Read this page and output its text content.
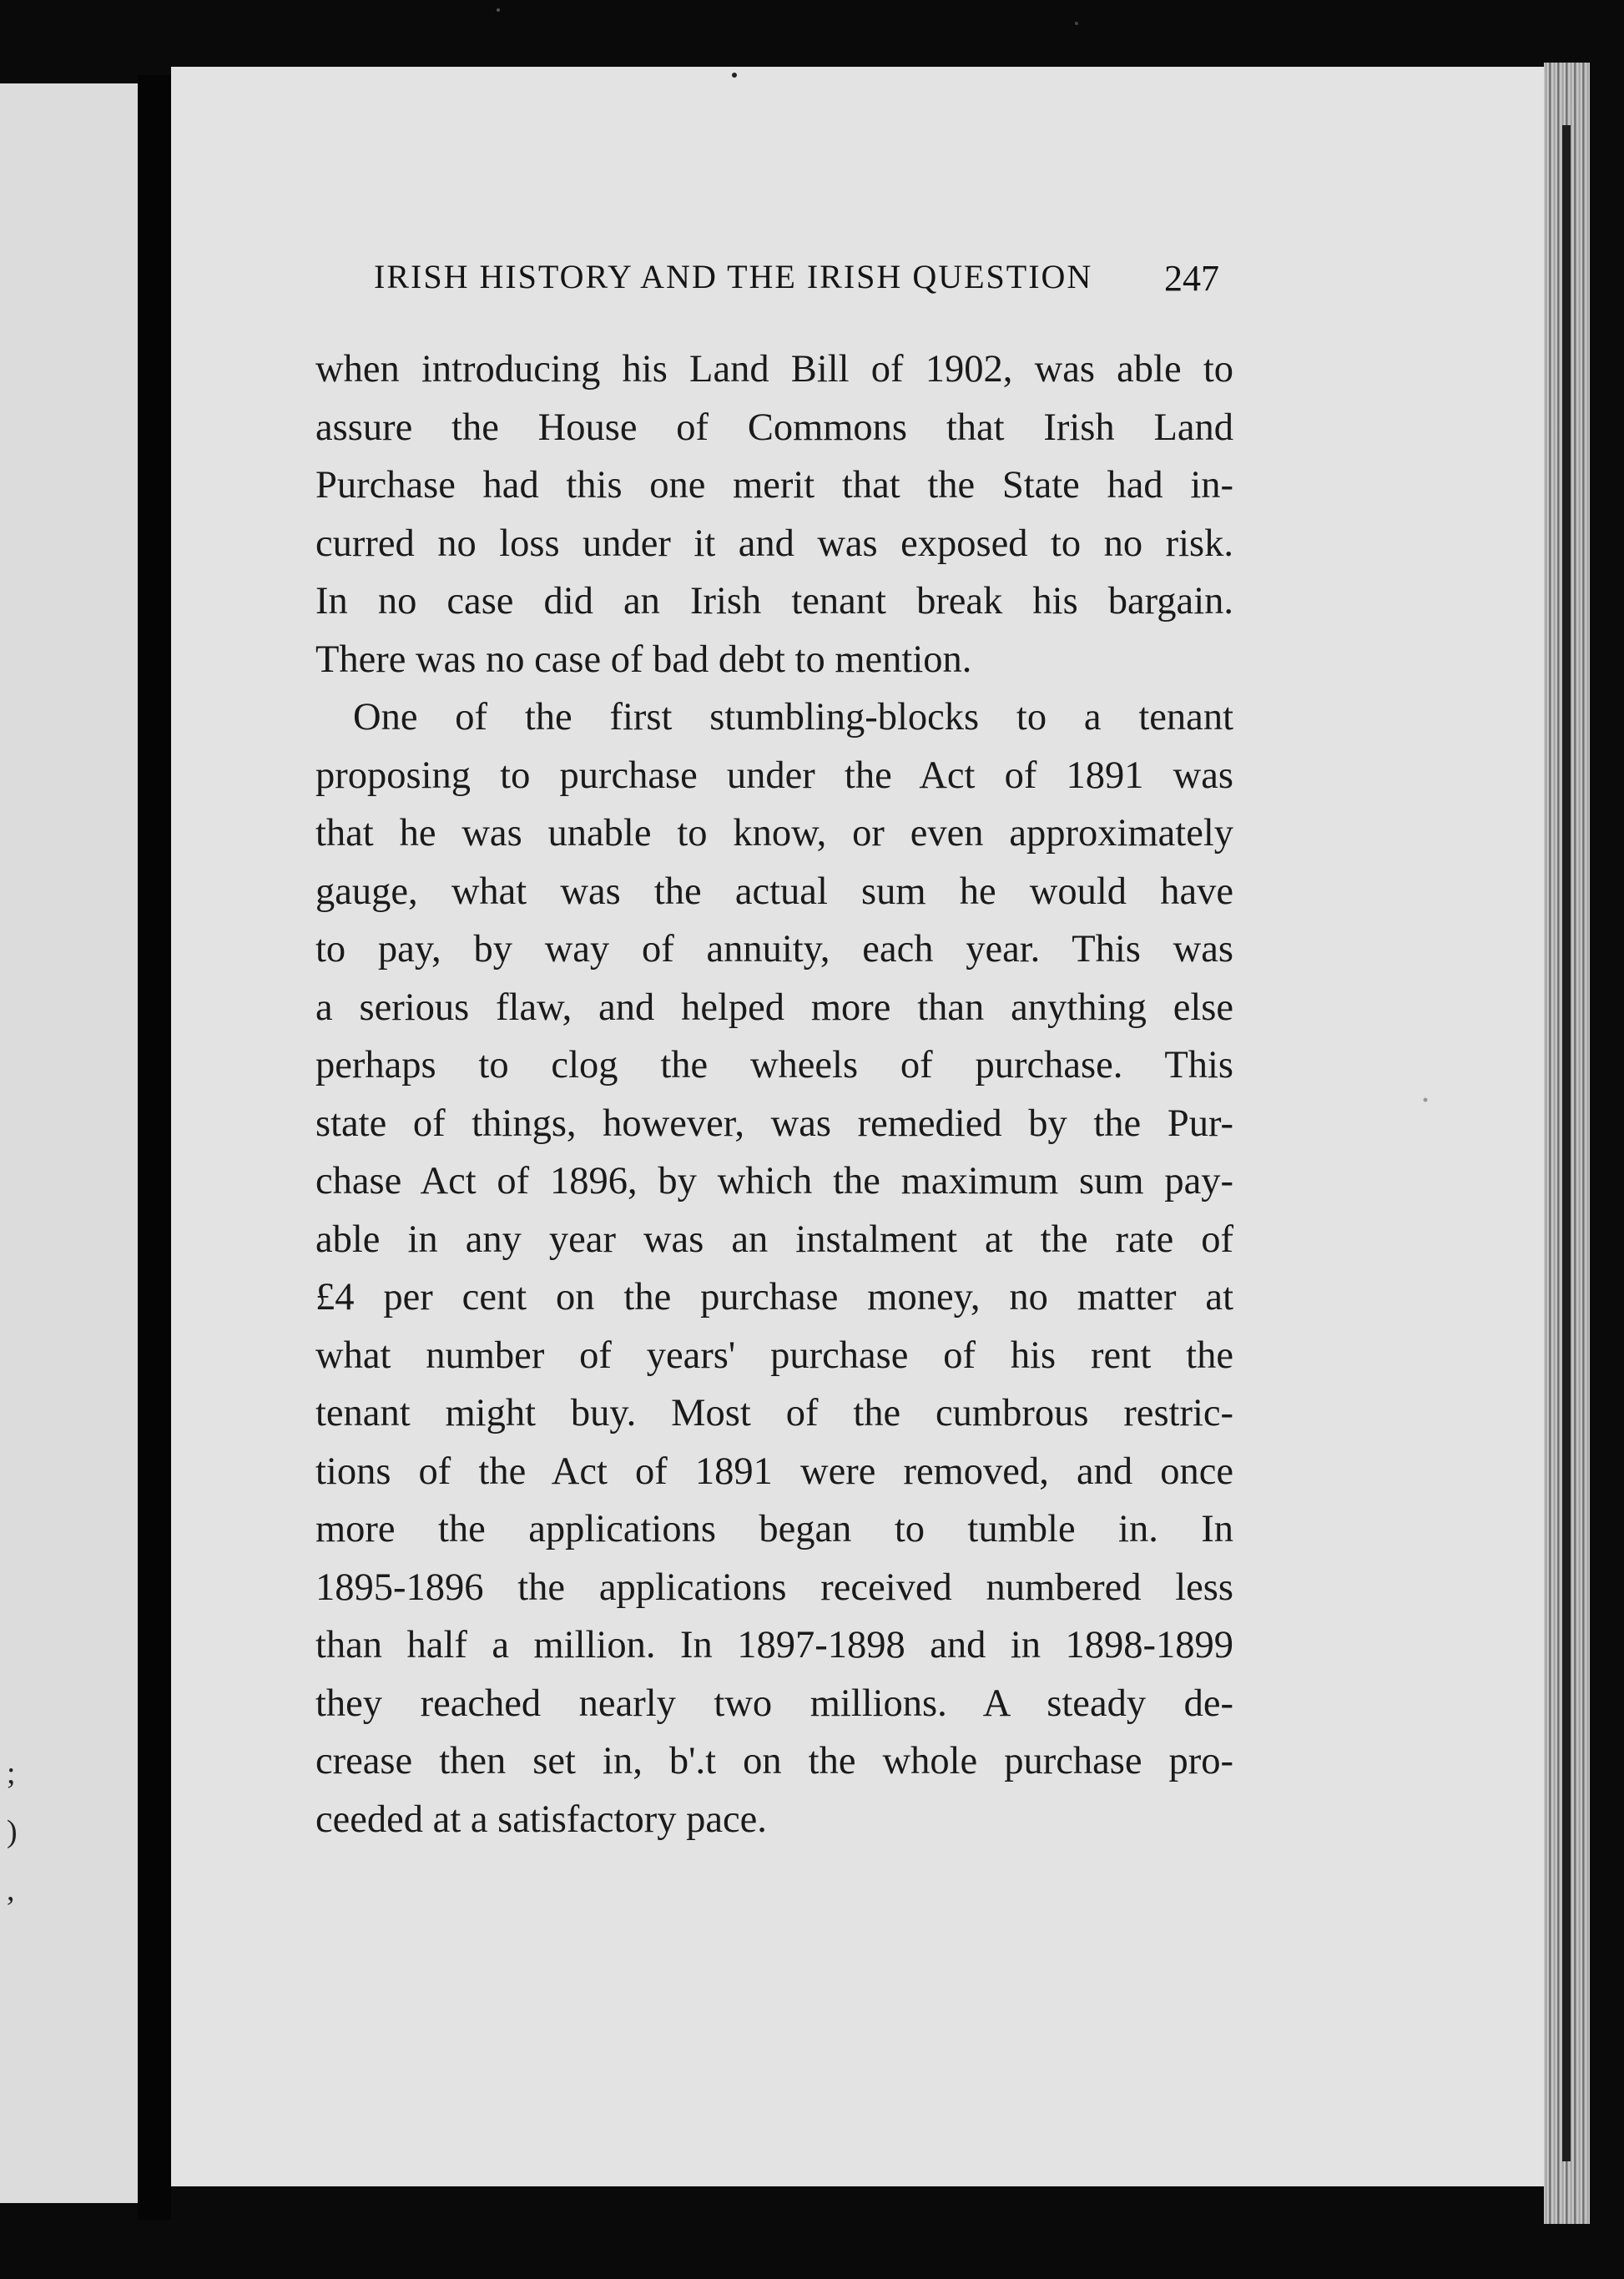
;
)
,
IRISH HISTORY AND THE IRISH QUESTION	247
when introducing his Land Bill of 1902, was able to
assure the House of Commons that Irish Land
Purchase had this one merit that the State had in-
curred no loss under it and was exposed to no risk.
In no case did an Irish tenant break his bargain.
There was no case of bad debt to mention.
One of the first stumbling-blocks to a tenant
proposing to purchase under the Act of 1891 was
that he was unable to know, or even approximately
gauge, what was the actual sum he would have
to pay, by way of annuity, each year. This was
a serious flaw, and helped more than anything else
perhaps to clog the wheels of purchase. This
state of things, however, was remedied by the Pur-
chase Act of 1896, by which the maximum sum pay-
able in any year was an instalment at the rate of
£4 per cent on the purchase money, no matter at
what number of years' purchase of his rent the
tenant might buy. Most of the cumbrous restric-
tions of the Act of 1891 were removed, and once
more the applications began to tumble in. In
1895-1896 the applications received numbered less
than half a million. In 1897-1898 and in 1898-1899
they reached nearly two millions. A steady de-
crease then set in, b'.t on the whole purchase pro-
ceeded at a satisfactory pace.
